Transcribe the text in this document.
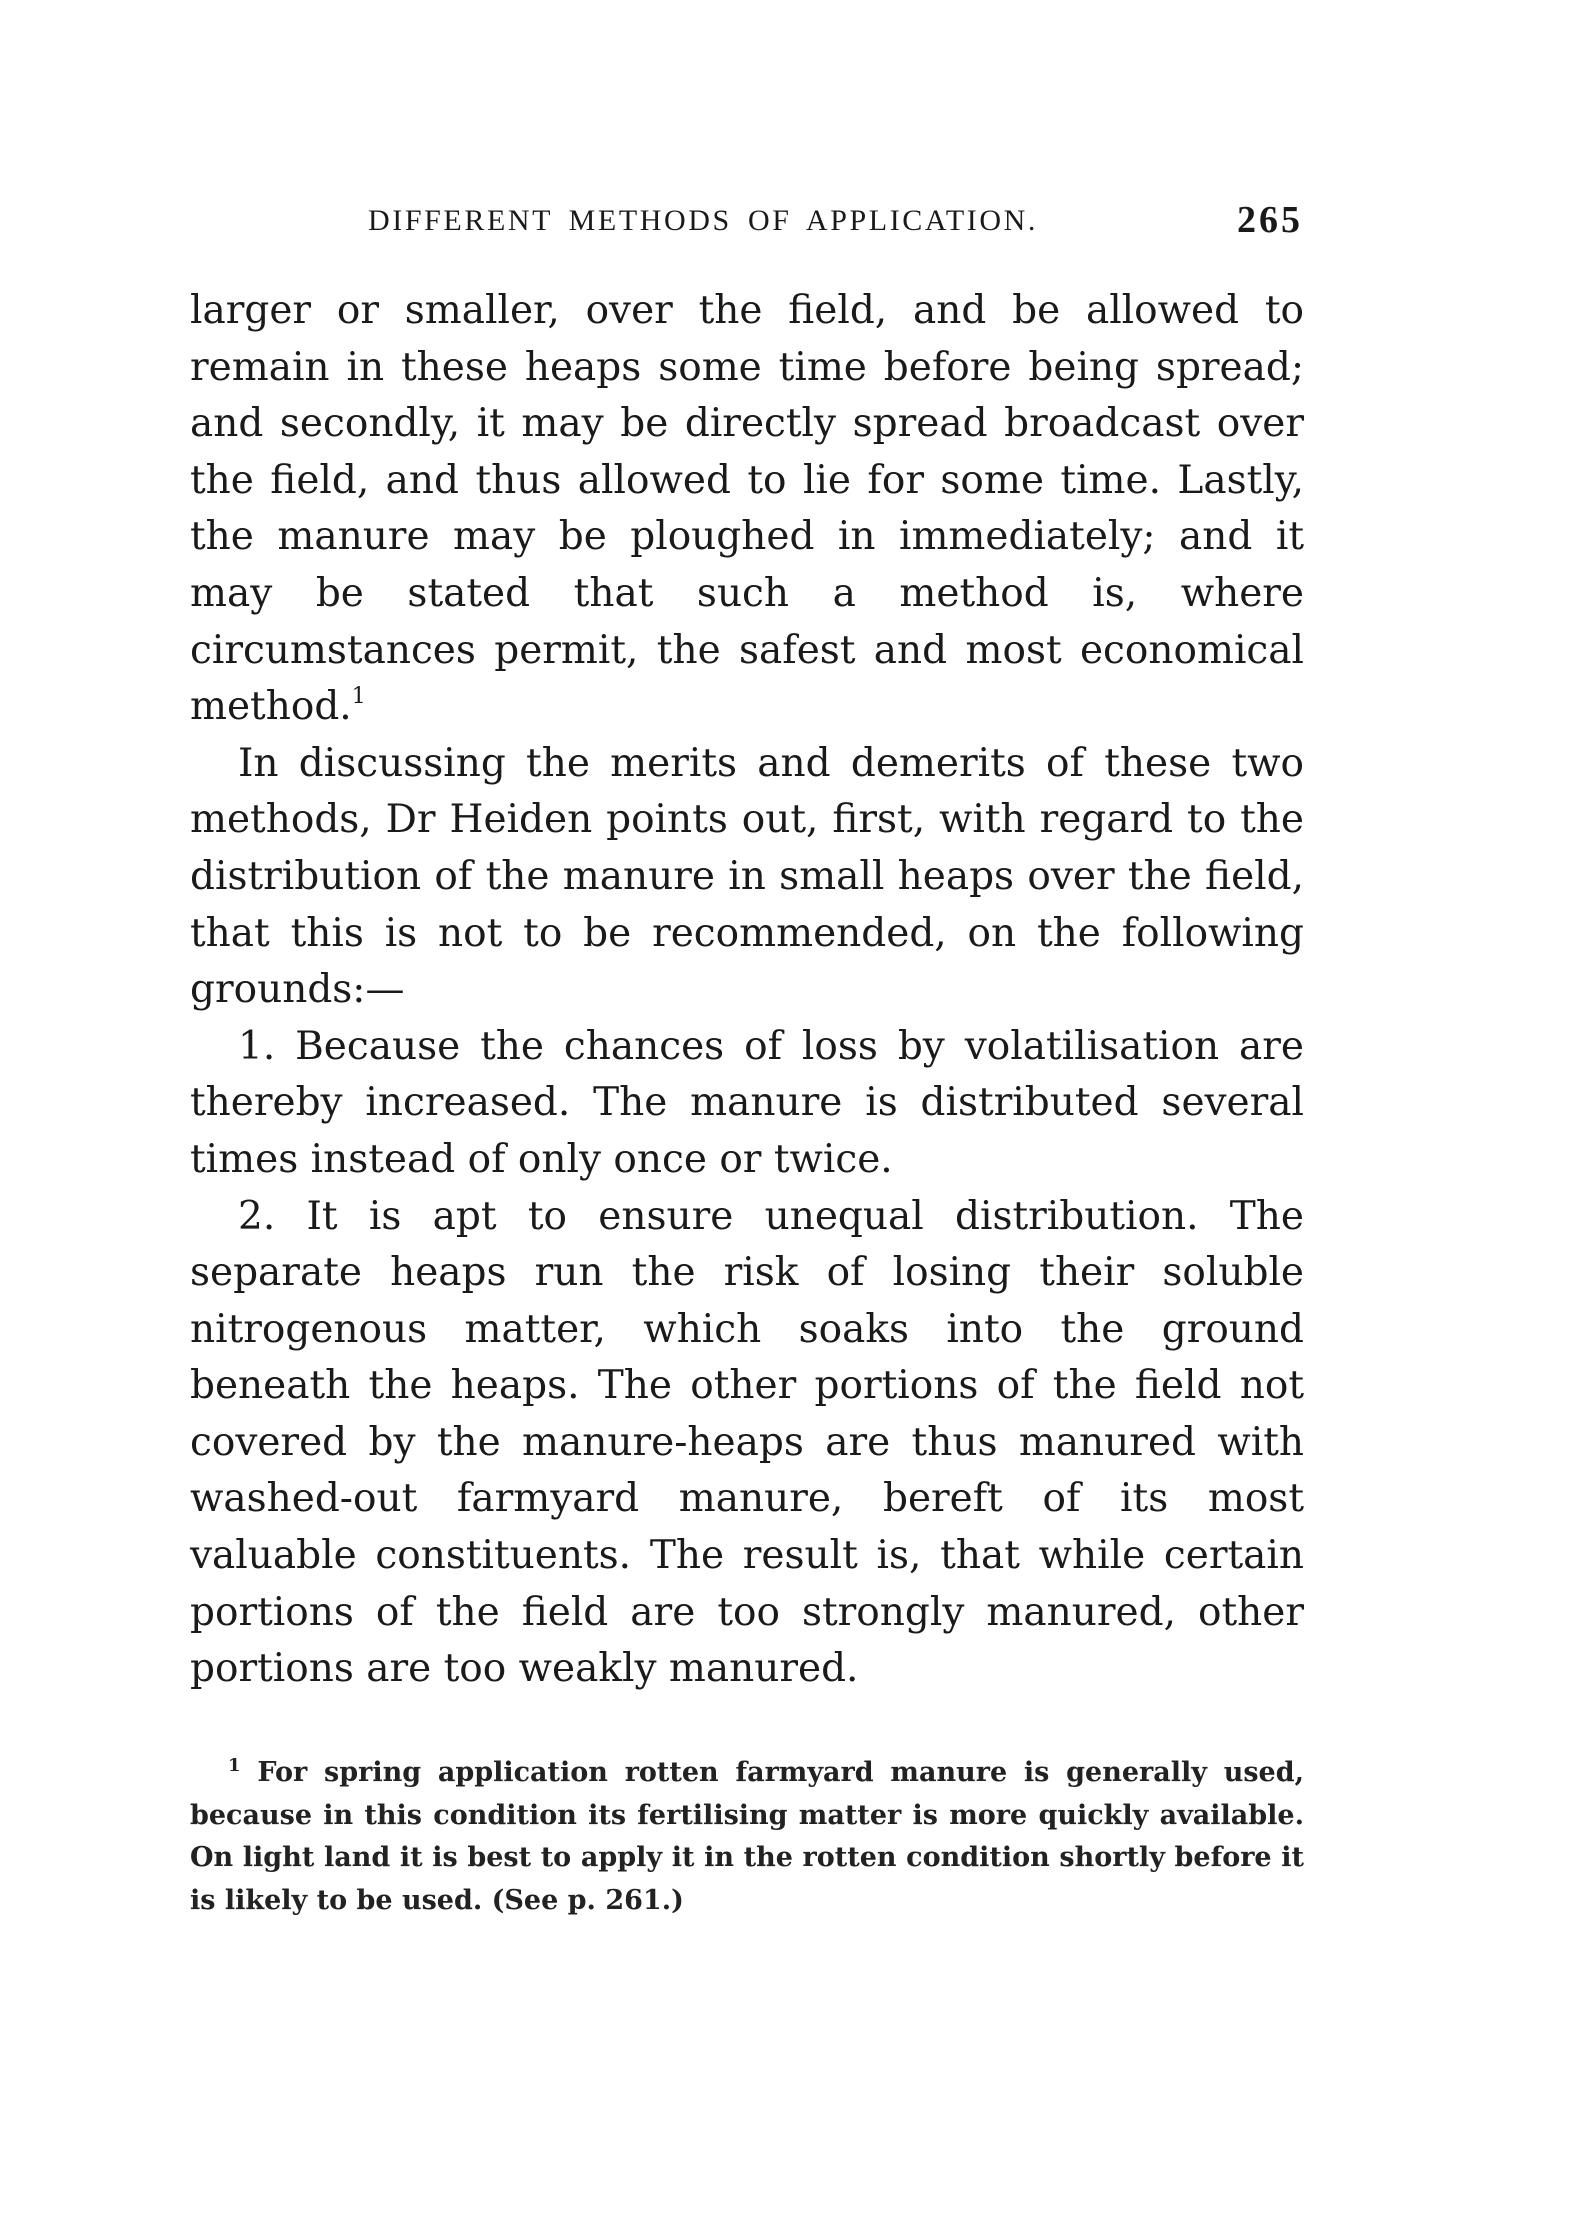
DIFFERENT METHODS OF APPLICATION.	265

larger or smaller, over the field, and be allowed to remain in these heaps some time before being spread; and secondly, it may be directly spread broadcast over the field, and thus allowed to lie for some time. Lastly, the manure may be ploughed in immediately; and it may be stated that such a method is, where circumstances permit, the safest and most economical method.$^1$

In discussing the merits and demerits of these two methods, Dr Heiden points out, first, with regard to the distribution of the manure in small heaps over the field, that this is not to be recommended, on the following grounds:—

1. Because the chances of loss by volatilisation are thereby increased. The manure is distributed several times instead of only once or twice.

2. It is apt to ensure unequal distribution. The separate heaps run the risk of losing their soluble nitrogenous matter, which soaks into the ground beneath the heaps. The other portions of the field not covered by the manure-heaps are thus manured with washed-out farmyard manure, bereft of its most valuable constituents. The result is, that while certain portions of the field are too strongly manured, other portions are too weakly manured.

$^1$ For spring application rotten farmyard manure is generally used, because in this condition its fertilising matter is more quickly available. On light land it is best to apply it in the rotten condition shortly before it is likely to be used. (See p. 261.)
